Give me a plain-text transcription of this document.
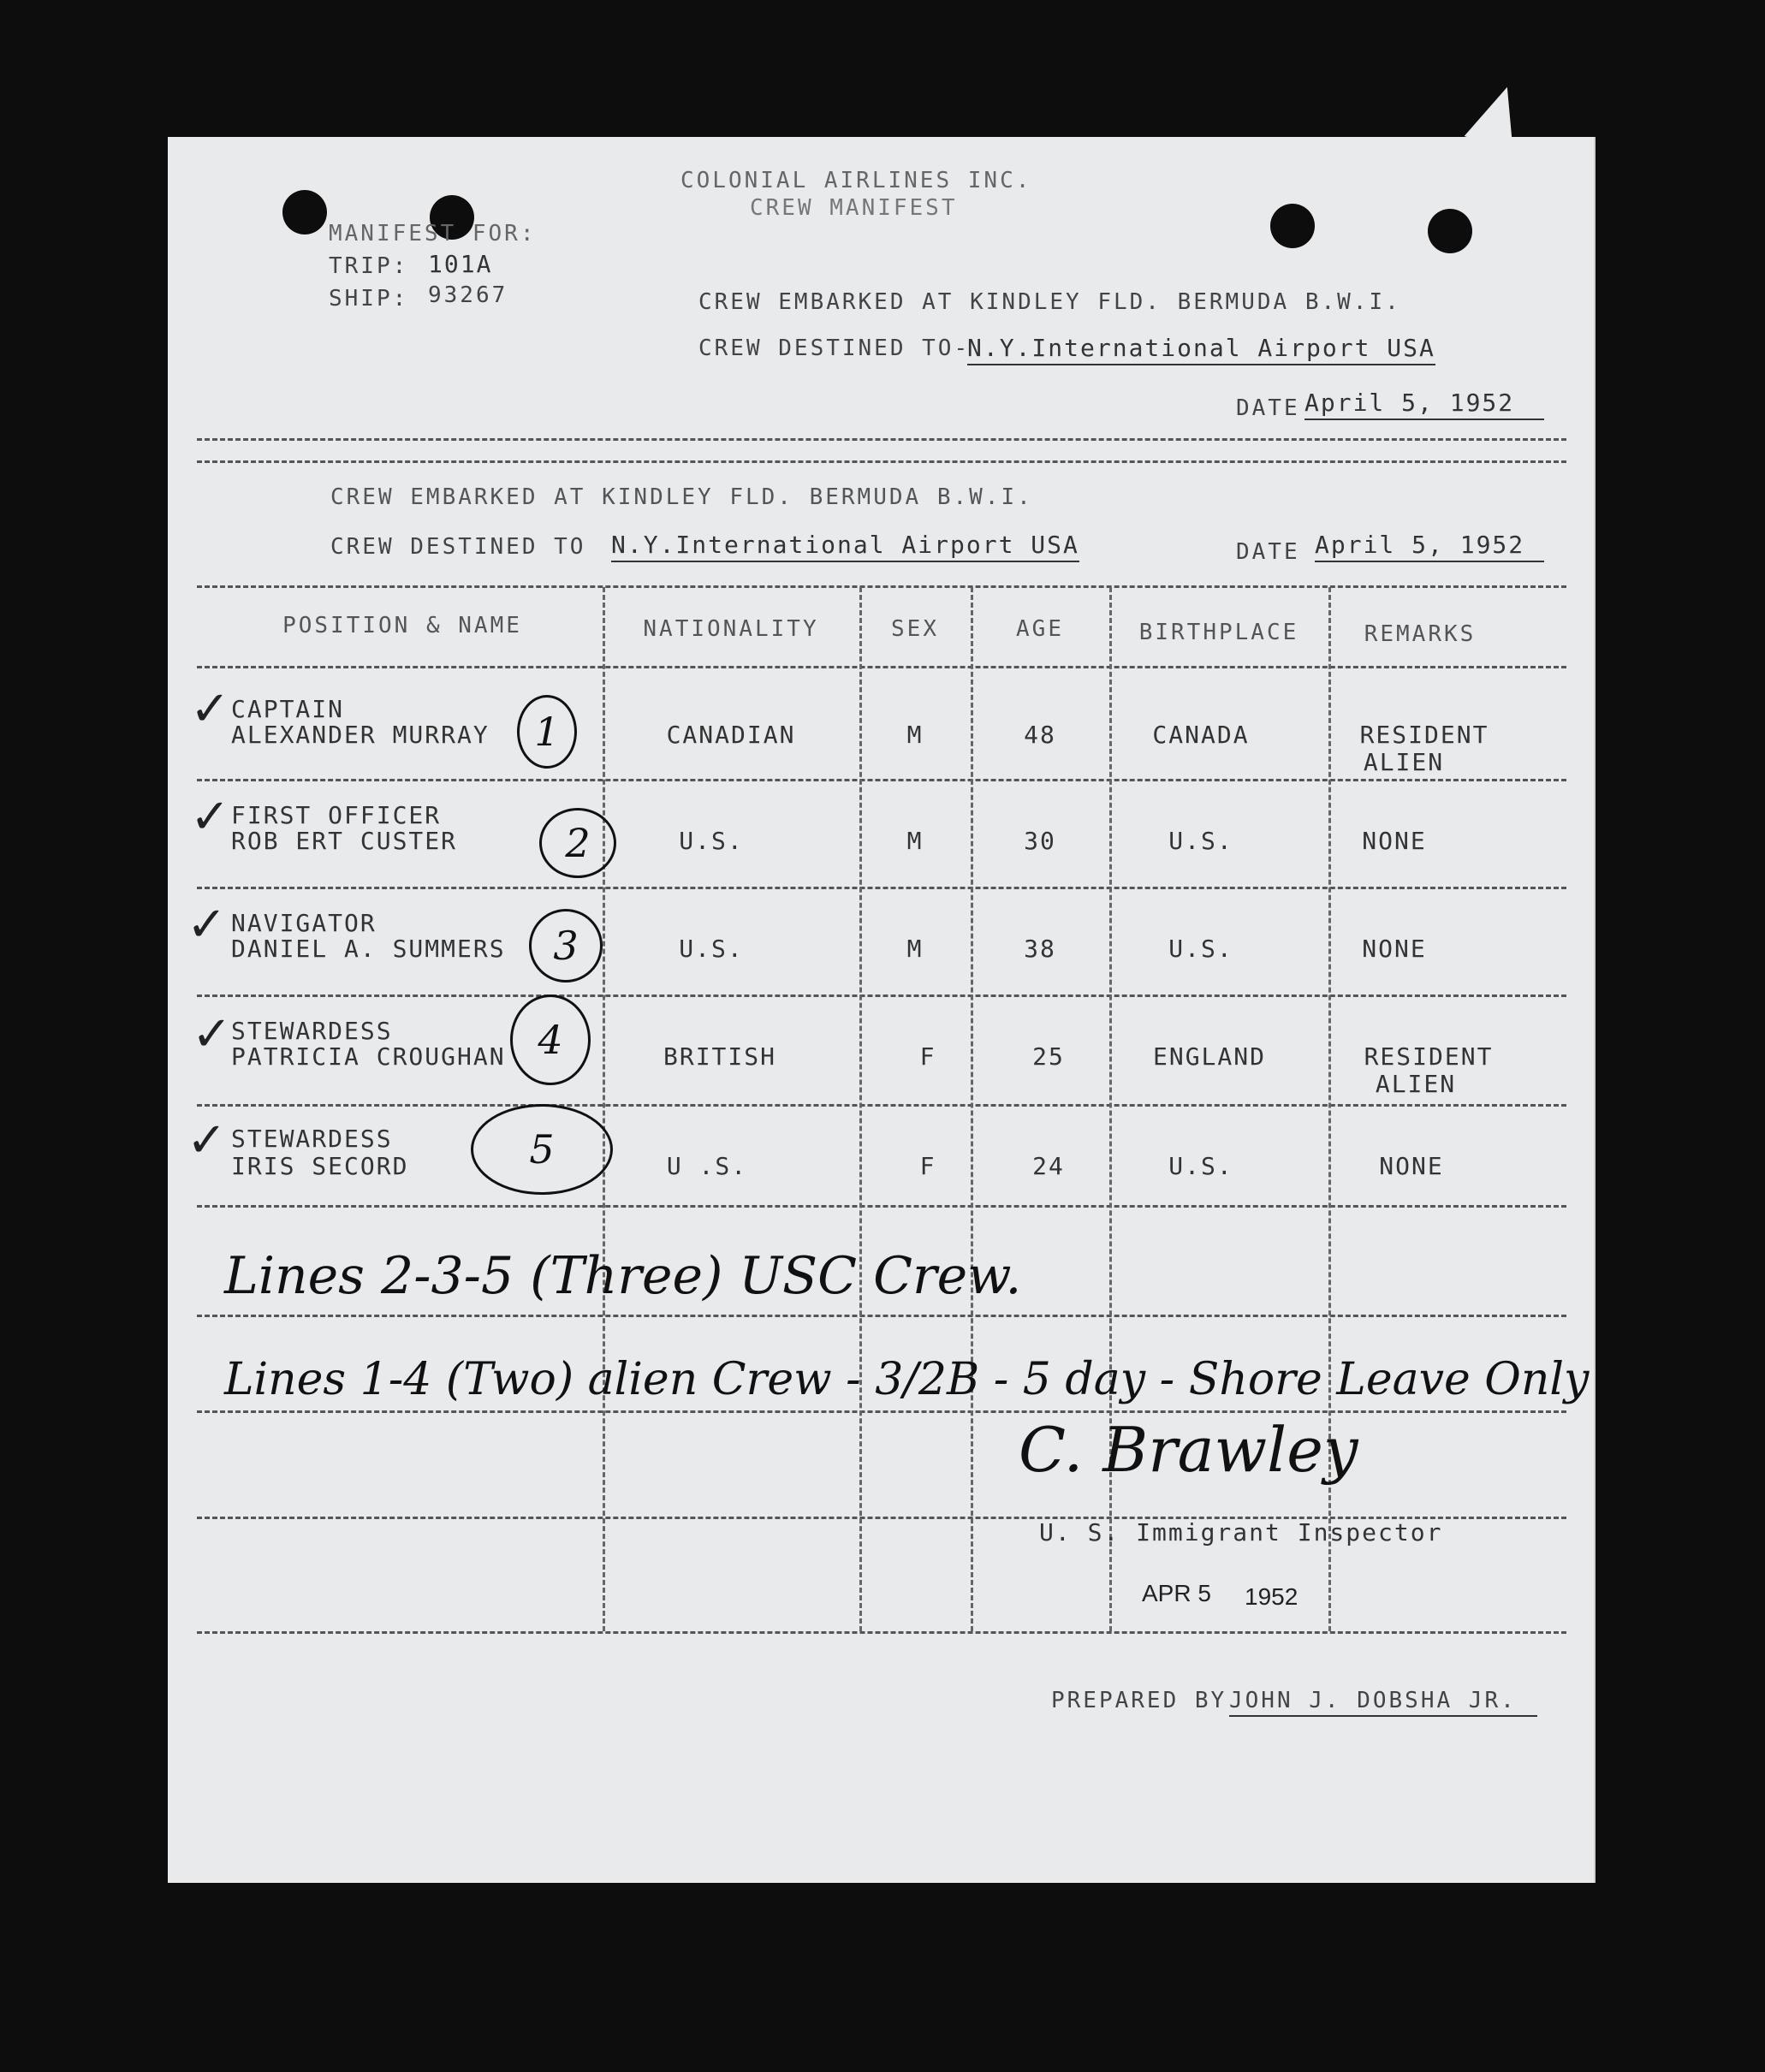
COLONIAL AIRLINES INC.
CREW MANIFEST
MANIFEST FOR:
TRIP: 101A
SHIP: 93267	CREW EMBARKED AT KINDLEY FLD. BERMUDA B.W.I.
CREW DESTINED TO-
N.Y.International Airport USA
DATE April 5, 1952
CREW EMBARKED AT KINDLEY FLD. BERMUDA B.W.I.
CREW DESTINED TO N.Y.International Airport USA	DATE April 5, 1952
POSITION & NAME	NATIONALITY	SEX	AGE	BIRTHPLACE	REMARKS
✓ CAPTAIN
ALEXANDER MURRAY	1	CANADIAN	M	48	CANADA	RESIDENT
ALIEN
✓ FIRST OFFICER
ROB ERT CUSTER	2	U.S.	M	30	U.S.	NONE
✓ NAVIGATOR
DANIEL A. SUMMERS	3	U.S.	M	38	U.S.	NONE
✓ STEWARDESS
PATRICIA CROUGHAN 4	BRITISH	F	25	ENGLAND	RESIDENT
ALIEN
✓ STEWARDESS
IRIS SECORD	5	U .S.	F	24	U.S.	NONE
Lines 2-3-5 (Three) USC Crew.
Lines 1-4 (Two) alien Crew - 3/2B - 5 day - Shore Leave Only
C. Brawley
U. S. Immigrant Inspector
APR 5 1952
PREPARED BY JOHN J. DOBSHA JR.
